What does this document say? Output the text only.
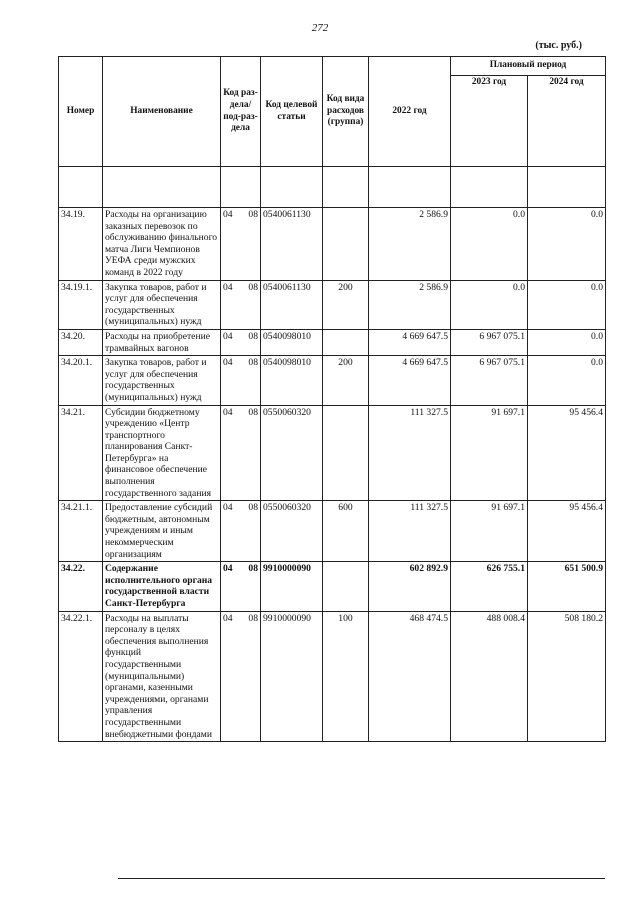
272
(тыс. руб.)
Номер	Наименование	Код раз-дела/ под-раз-дела	Код целевой статьи	Код вида расходов (группа)	2022 год	Плановый период	
						2023 год	2024 год

34.19.	Расходы на организацию заказных перевозок по обслуживанию финального матча Лиги Чемпионов УЕФА среди мужских команд в 2022 году	04 08	0540061130		2 586.9	0.0	0.0
34.19.1.	Закупка товаров, работ и услуг для обеспечения государственных (муниципальных) нужд	04 08	0540061130	200	2 586.9	0.0	0.0
34.20.	Расходы на приобретение трамвайных вагонов	04 08	0540098010		4 669 647.5	6 967 075.1	0.0
34.20.1.	Закупка товаров, работ и услуг для обеспечения государственных (муниципальных) нужд	04 08	0540098010	200	4 669 647.5	6 967 075.1	0.0
34.21.	Субсидии бюджетному учреждению «Центр транспортного планирования Санкт-Петербурга» на финансовое обеспечение выполнения государственного задания	04 08	0550060320		111 327.5	91 697.1	95 456.4
34.21.1.	Предоставление субсидий бюджетным, автономным учреждениям и иным некоммерческим организациям	04 08	0550060320	600	111 327.5	91 697.1	95 456.4
34.22.	Содержание исполнительного органа государственной власти Санкт-Петербурга	04 08	9910000090		602 892.9	626 755.1	651 500.9
34.22.1.	Расходы на выплаты персоналу в целях обеспечения выполнения функций государственными (муниципальными) органами, казенными учреждениями, органами управления государственными внебюджетными фондами	04 08	9910000090	100	468 474.5	488 008.4	508 180.2
